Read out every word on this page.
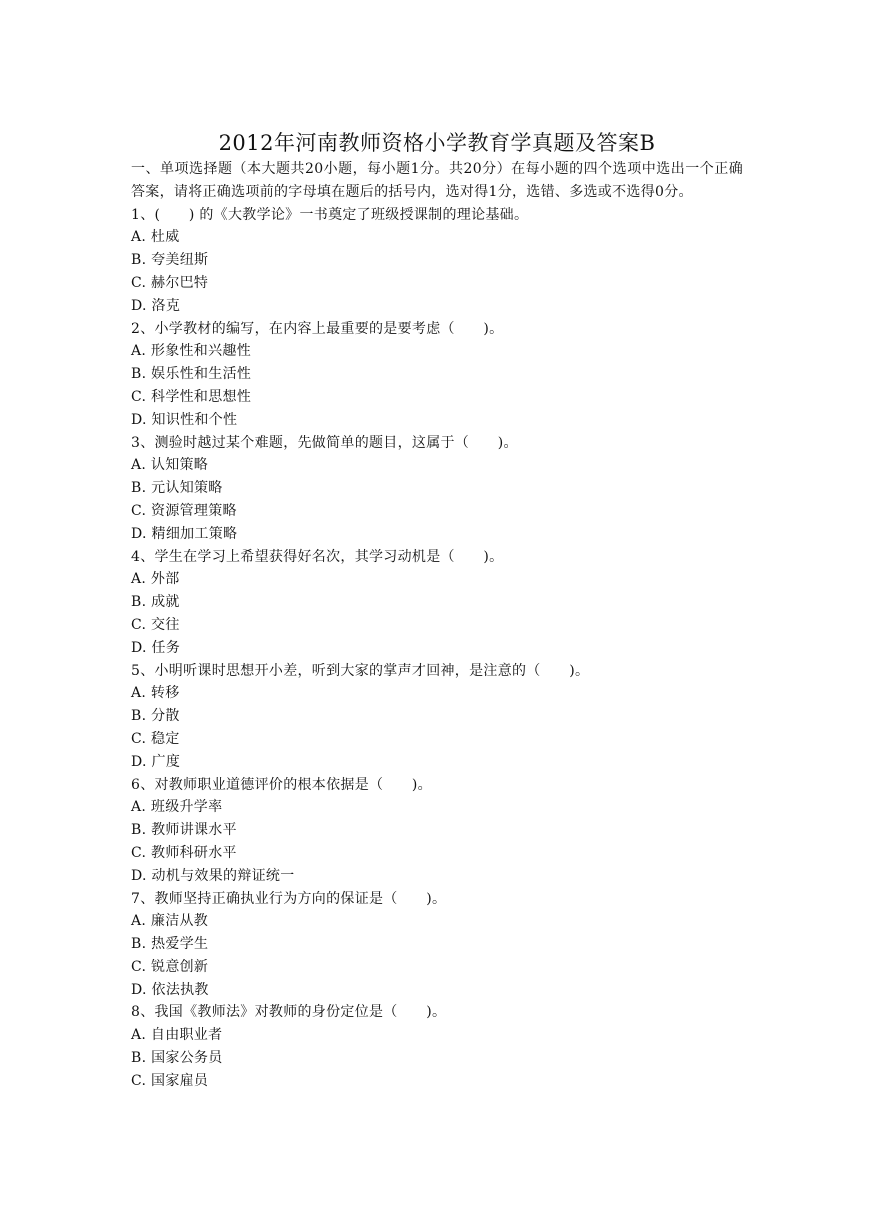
2012年河南教师资格小学教育学真题及答案B

一、单项选择题（本大题共20小题，每小题1分。共20分）在每小题的四个选项中选出一个正确答案，请将正确选项前的字母填在题后的括号内，选对得1分，选错、多选或不选得0分。

1、(　　) 的《大教学论》一书奠定了班级授课制的理论基础。

A. 杜威

B. 夸美纽斯

C. 赫尔巴特

D. 洛克

2、小学教材的编写，在内容上最重要的是要考虑（　　)。

A. 形象性和兴趣性

B. 娱乐性和生活性

C. 科学性和思想性

D. 知识性和个性

3、测验时越过某个难题，先做简单的题目，这属于（　　)。

A. 认知策略

B. 元认知策略

C. 资源管理策略

D. 精细加工策略

4、学生在学习上希望获得好名次，其学习动机是（　　)。

A. 外部

B. 成就

C. 交往

D. 任务

5、小明听课时思想开小差，听到大家的掌声才回神，是注意的（　　)。

A. 转移

B. 分散

C. 稳定

D. 广度

6、对教师职业道德评价的根本依据是（　　)。

A. 班级升学率

B. 教师讲课水平

C. 教师科研水平

D. 动机与效果的辩证统一

7、教师坚持正确执业行为方向的保证是（　　)。

A. 廉洁从教

B. 热爱学生

C. 锐意创新

D. 依法执教

8、我国《教师法》对教师的身份定位是（　　)。

A. 自由职业者

B. 国家公务员

C. 国家雇员
